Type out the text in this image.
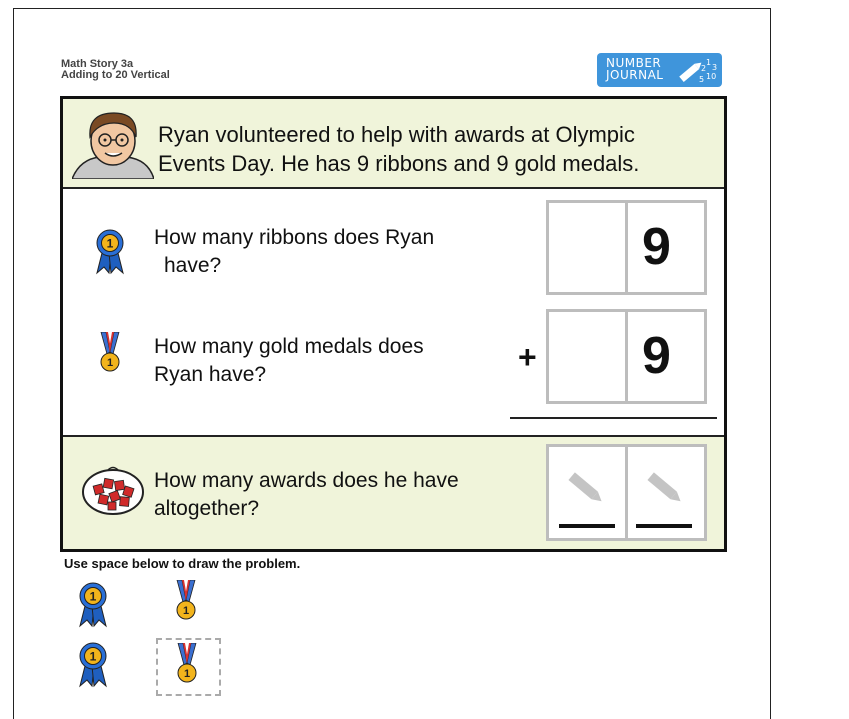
Math Story 3a
Adding to 20 Vertical
NUMBER
JOURNAL
1
2 3
5 10
Ryan volunteered to help with awards at Olympic
Events Day. He has 9 ribbons and 9 gold medals.
1 How many ribbons does Ryan
have?	9
1
How many gold medals does
Ryan have?	+ 9
How many awards does he have
altogether?
Use space below to draw the problem.
1
1
1
1
